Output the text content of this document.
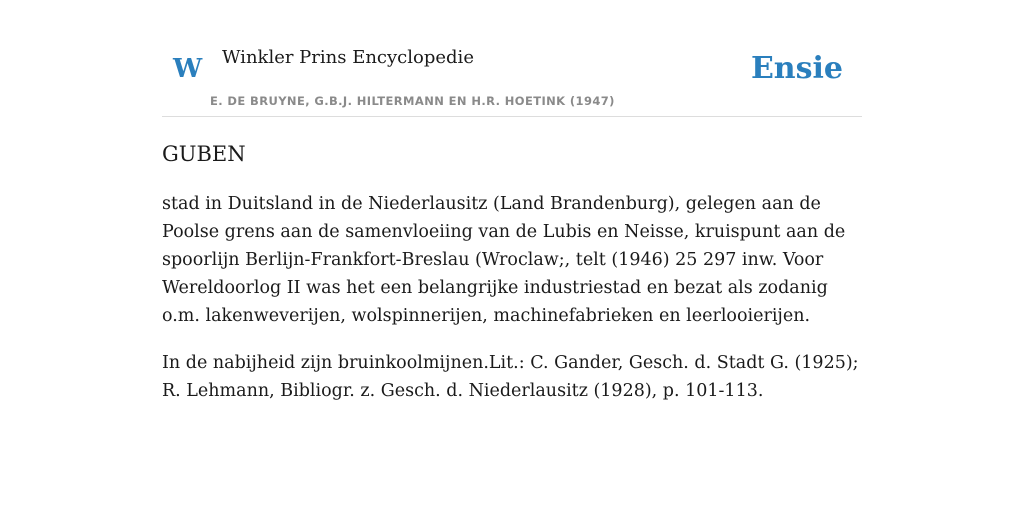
W Winkler Prins Encyclopedie
E. DE BRUYNE, G.B.J. HILTERMANN EN H.R. HOETINK (1947)
Ensie
GUBEN

stad in Duitsland in de Niederlausitz (Land Brandenburg), gelegen aan de Poolse grens aan de samenvloeiing van de Lubis en Neisse, kruispunt aan de spoorlijn Berlijn-Frankfort-Breslau (Wroclaw;, telt (1946) 25 297 inw. Voor Wereldoorlog II was het een belangrijke industriestad en bezat als zodanig o.m. lakenweverijen, wolspinnerijen, machinefabrieken en leerlooierijen.

In de nabijheid zijn bruinkoolmijnen.Lit.: C. Gander, Gesch. d. Stadt G. (1925); R. Lehmann, Bibliogr. z. Gesch. d. Niederlausitz (1928), p. 101-113.
